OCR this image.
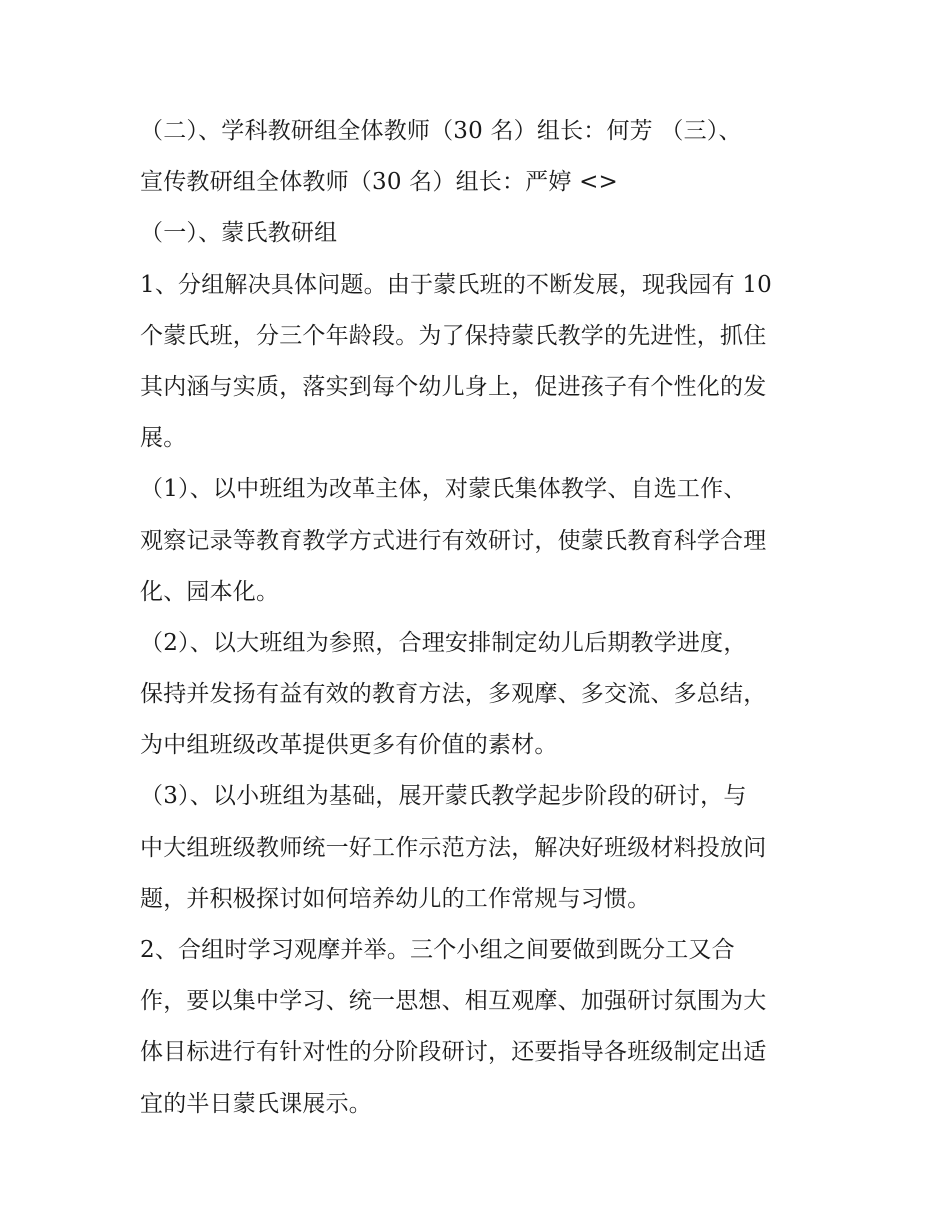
（二）、学科教研组全体教师（30 名）组长：何芳 （三）、
宣传教研组全体教师（30 名）组长：严婷 <>
（一）、蒙氏教研组
1、分组解决具体问题。由于蒙氏班的不断发展，现我园有 10
个蒙氏班，分三个年龄段。为了保持蒙氏教学的先进性，抓住
其内涵与实质，落实到每个幼儿身上，促进孩子有个性化的发
展。
（1）、以中班组为改革主体，对蒙氏集体教学、自选工作、
观察记录等教育教学方式进行有效研讨，使蒙氏教育科学合理
化、园本化。
（2）、以大班组为参照，合理安排制定幼儿后期教学进度，
保持并发扬有益有效的教育方法，多观摩、多交流、多总结，
为中组班级改革提供更多有价值的素材。
（3）、以小班组为基础，展开蒙氏教学起步阶段的研讨，与
中大组班级教师统一好工作示范方法，解决好班级材料投放问
题，并积极探讨如何培养幼儿的工作常规与习惯。
2、合组时学习观摩并举。三个小组之间要做到既分工又合
作，要以集中学习、统一思想、相互观摩、加强研讨氛围为大
体目标进行有针对性的分阶段研讨，还要指导各班级制定出适
宜的半日蒙氏课展示。
